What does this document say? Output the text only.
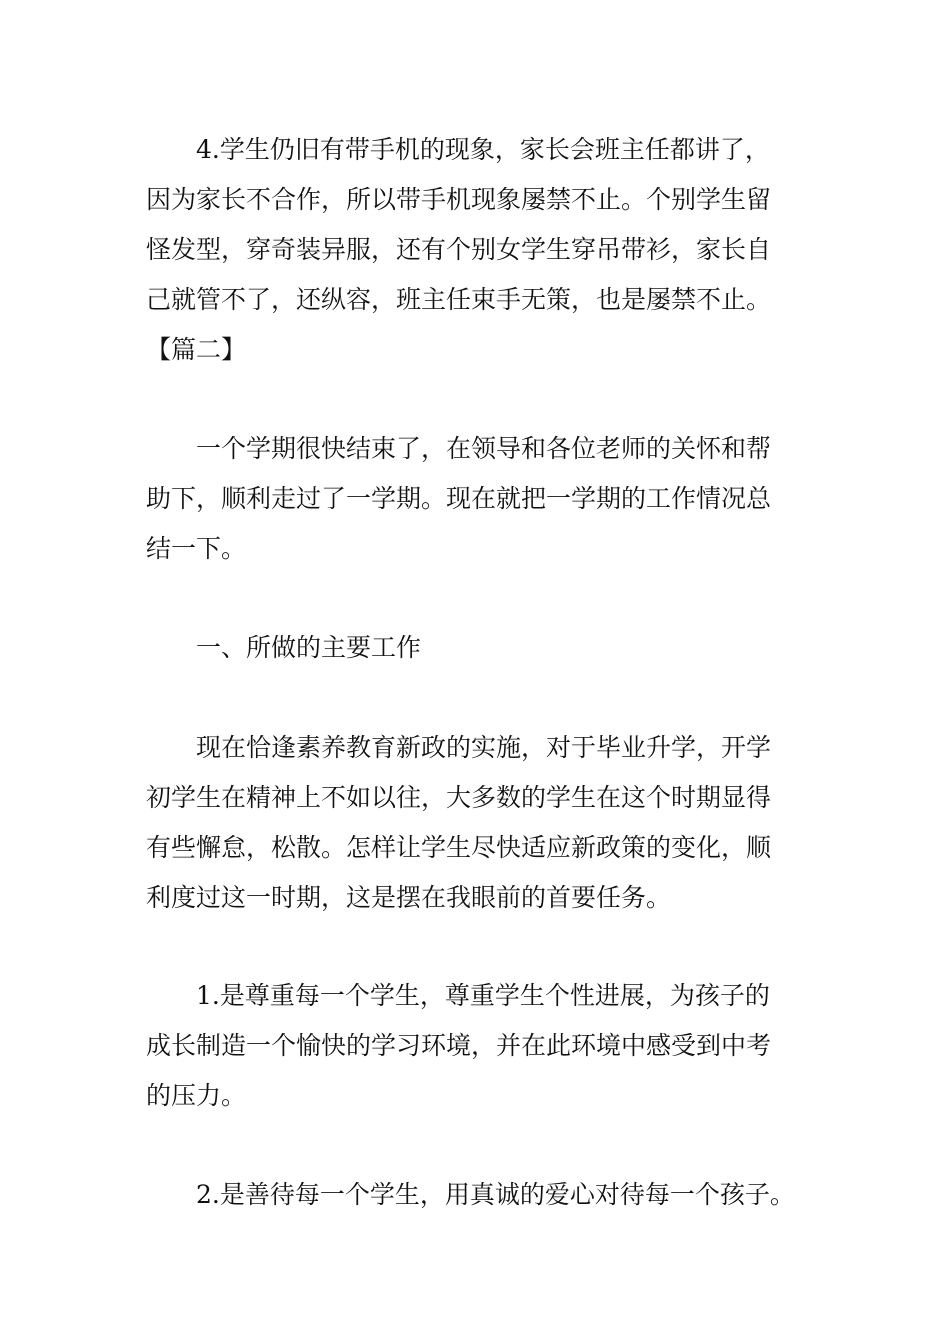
　　4.学生仍旧有带手机的现象，家长会班主任都讲了，
因为家长不合作，所以带手机现象屡禁不止。个别学生留
怪发型，穿奇装异服，还有个别女学生穿吊带衫，家长自
己就管不了，还纵容，班主任束手无策，也是屡禁不止。

【篇二】

　　一个学期很快结束了，在领导和各位老师的关怀和帮
助下，顺利走过了一学期。现在就把一学期的工作情况总
结一下。

　　一、所做的主要工作

　　现在恰逢素养教育新政的实施，对于毕业升学，开学
初学生在精神上不如以往，大多数的学生在这个时期显得
有些懈怠，松散。怎样让学生尽快适应新政策的变化，顺
利度过这一时期，这是摆在我眼前的首要任务。

　　1.是尊重每一个学生，尊重学生个性进展，为孩子的
成长制造一个愉快的学习环境，并在此环境中感受到中考
的压力。

　　2.是善待每一个学生，用真诚的爱心对待每一个孩子。
